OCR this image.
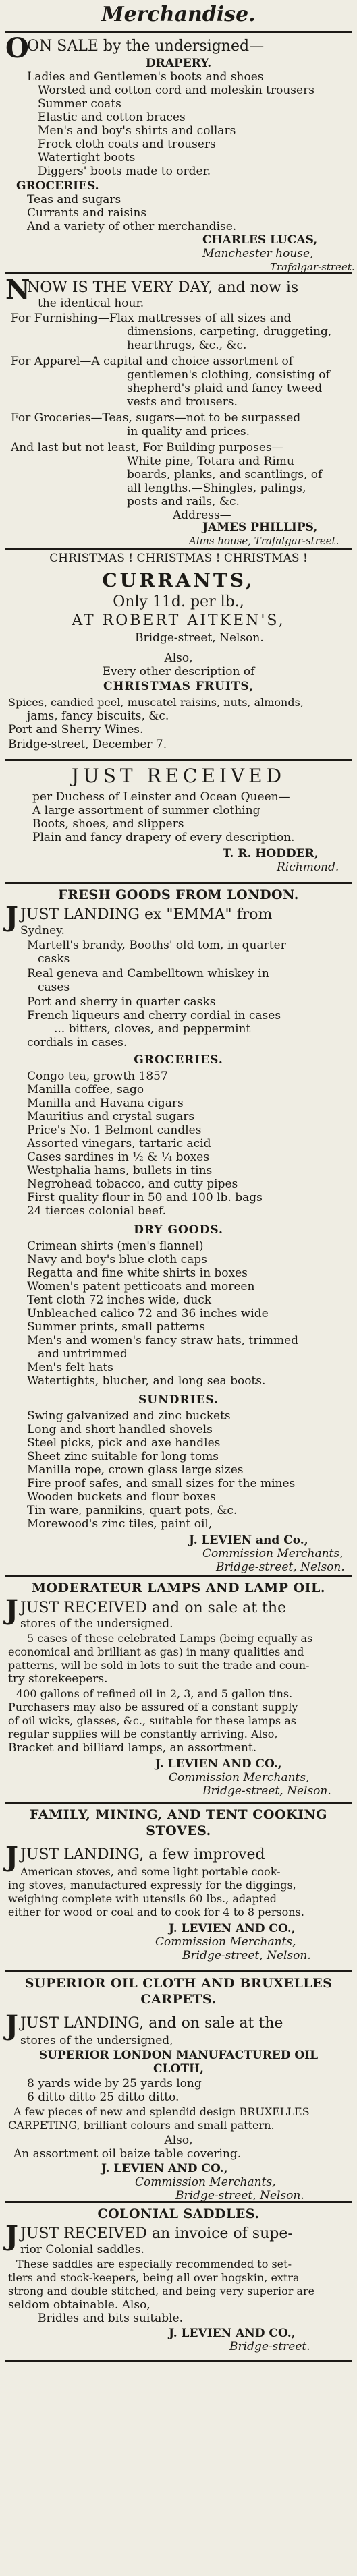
Merchandise.
O
ON SALE by the undersigned—
DRAPERY.
Ladies and Gentlemen's boots and shoes
Worsted and cotton cord and moleskin trousers
Summer coats
Elastic and cotton braces
Men's and boy's shirts and collars
Frock cloth coats and trousers
Watertight boots
Diggers' boots made to order.
GROCERIES.
Teas and sugars
Currants and raisins
And a variety of other merchandise.
CHARLES LUCAS,
Manchester house,
Trafalgar-street.
N
NOW IS THE VERY DAY, and now is
the identical hour.
For Furnishing—Flax mattresses of all sizes and
dimensions, carpeting, druggeting,
hearthrugs, &c., &c.
For Apparel—A capital and choice assortment of
gentlemen's clothing, consisting of
shepherd's plaid and fancy tweed
vests and trousers.
For Groceries—Teas, sugars—not to be surpassed
in quality and prices.
And last but not least, For Building purposes—
White pine, Totara and Rimu
boards, planks, and scantlings, of
all lengths.—Shingles, palings,
posts and rails, &c.
Address—
JAMES PHILLIPS,
Alms house, Trafalgar-street.
CHRISTMAS ! CHRISTMAS ! CHRISTMAS !
CURRANTS,
Only 11d. per lb.,
AT ROBERT AITKEN'S,
Bridge-street, Nelson.
Also,
Every other description of
CHRISTMAS FRUITS,
Spices, candied peel, muscatel raisins, nuts, almonds,
jams, fancy biscuits, &c.
Port and Sherry Wines.
Bridge-street, December 7.
JUST RECEIVED
per Duchess of Leinster and Ocean Queen—
A large assortment of summer clothing
Boots, shoes, and slippers
Plain and fancy drapery of every description.
T. R. HODDER,
Richmond.
FRESH GOODS FROM LONDON.
J JUST LANDING ex "EMMA" from
Sydney.
Martell's brandy, Booths' old tom, in quarter
casks
Real geneva and Cambelltown whiskey in
cases
Port and sherry in quarter casks
French liqueurs and cherry cordial in cases
... bitters, cloves, and peppermint
cordials in cases.
GROCERIES.
Congo tea, growth 1857
Manilla coffee, sago
Manilla and Havana cigars
Mauritius and crystal sugars
Price's No. 1 Belmont candles
Assorted vinegars, tartaric acid
Cases sardines in ½ & ¼ boxes
Westphalia hams, bullets in tins
Negrohead tobacco, and cutty pipes
First quality flour in 50 and 100 lb. bags
24 tierces colonial beef.
DRY GOODS.
Crimean shirts (men's flannel)
Navy and boy's blue cloth caps
Regatta and fine white shirts in boxes
Women's patent petticoats and moreen
Tent cloth 72 inches wide, duck
Unbleached calico 72 and 36 inches wide
Summer prints, small patterns
Men's and women's fancy straw hats, trimmed
and untrimmed
Men's felt hats
Watertights, blucher, and long sea boots.
SUNDRIES.
Swing galvanized and zinc buckets
Long and short handled shovels
Steel picks, pick and axe handles
Sheet zinc suitable for long toms
Manilla rope, crown glass large sizes
Fire proof safes, and small sizes for the mines
Wooden buckets and flour boxes
Tin ware, pannikins, quart pots, &c.
Morewood's zinc tiles, paint oil,
J. LEVIEN and Co.,
Commission Merchants,
Bridge-street, Nelson.
MODERATEUR LAMPS AND LAMP OIL.
J JUST RECEIVED and on sale at the
stores of the undersigned.
5 cases of these celebrated Lamps (being equally as
economical and brilliant as gas) in many qualities and
patterns, will be sold in lots to suit the trade and coun-
try storekeepers.
400 gallons of refined oil in 2, 3, and 5 gallon tins.
Purchasers may also be assured of a constant supply
of oil wicks, glasses, &c., suitable for these lamps as
regular supplies will be constantly arriving. Also,
Bracket and billiard lamps, an assortment.
J. LEVIEN AND CO.,
Commission Merchants,
Bridge-street, Nelson.
FAMILY, MINING, AND TENT COOKING
STOVES.
J JUST LANDING, a few improved
American stoves, and some light portable cook-
ing stoves, manufactured expressly for the diggings,
weighing complete with utensils 60 lbs., adapted
either for wood or coal and to cook for 4 to 8 persons.
J. LEVIEN AND CO.,
Commission Merchants,
Bridge-street, Nelson.
SUPERIOR OIL CLOTH AND BRUXELLES
CARPETS.
J JUST LANDING, and on sale at the
stores of the undersigned,
SUPERIOR LONDON MANUFACTURED OIL
CLOTH,
8 yards wide by 25 yards long
6 ditto ditto 25 ditto ditto.
A few pieces of new and splendid design BRUXELLES
CARPETING, brilliant colours and small pattern.
Also,
An assortment oil baize table covering.
J. LEVIEN AND CO.,
Commission Merchants,
Bridge-street, Nelson.
COLONIAL SADDLES.
J JUST RECEIVED an invoice of supe-
rior Colonial saddles.
These saddles are especially recommended to set-
tlers and stock-keepers, being all over hogskin, extra
strong and double stitched, and being very superior are
seldom obtainable. Also,
Bridles and bits suitable.
J. LEVIEN AND CO.,
Bridge-street.
